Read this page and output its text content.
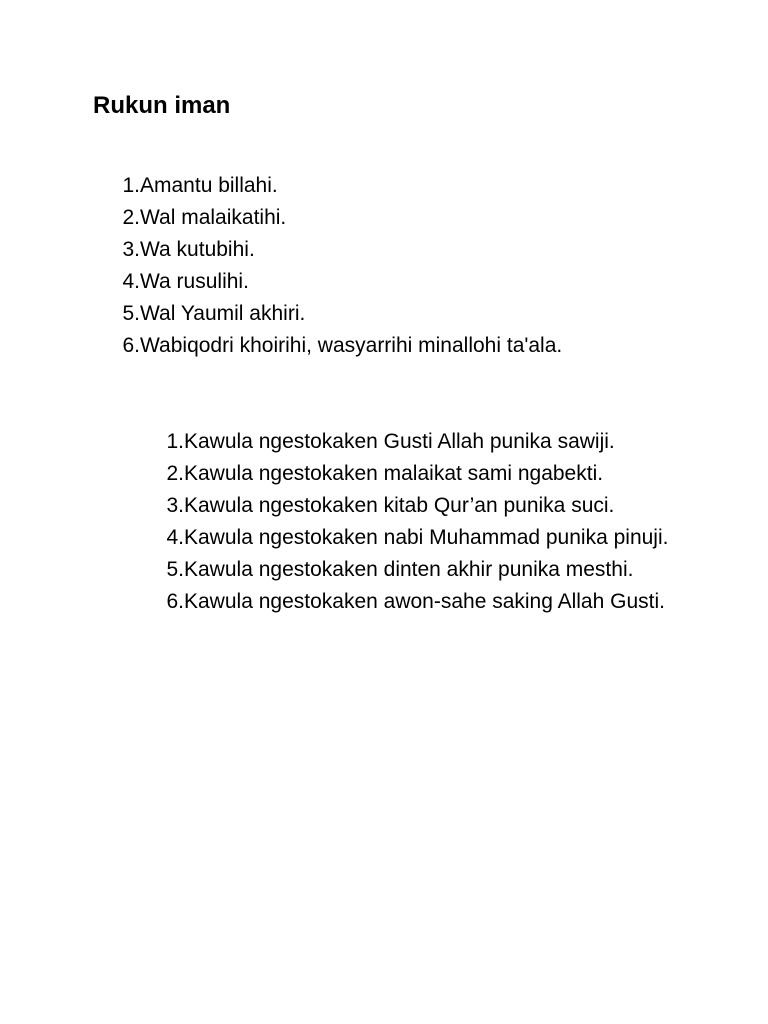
Rukun iman
1. Amantu billahi.
2. Wal malaikatihi.
3. Wa kutubihi.
4. Wa rusulihi.
5. Wal Yaumil akhiri.
6. Wabiqodri khoirihi, wasyarrihi minallohi ta'ala.
1. Kawula ngestokaken Gusti Allah punika sawiji.
2. Kawula ngestokaken malaikat sami ngabekti.
3. Kawula ngestokaken kitab Qur’an punika suci.
4. Kawula ngestokaken nabi Muhammad punika pinuji.
5. Kawula ngestokaken dinten akhir punika mesthi.
6. Kawula ngestokaken awon-sahe saking Allah Gusti.
